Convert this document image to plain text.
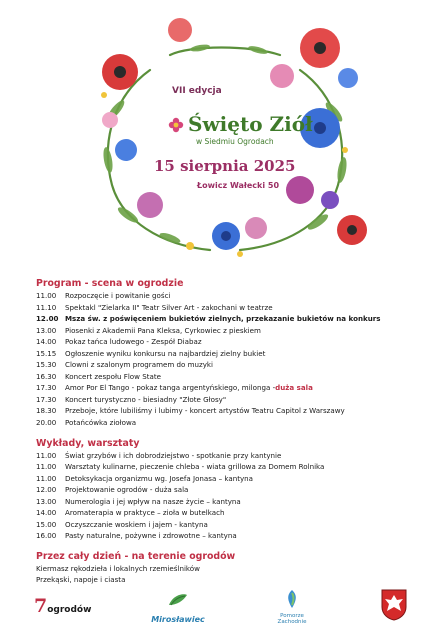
VII edycja
Święto Ziół
w Siedmiu Ogrodach
15 sierpnia 2025
Łowicz Wałecki 50
Program - scena w ogrodzie
11.00	Rozpoczęcie i powitanie gości
11.10	Spektakl "Zielarka II" Teatr Silver Art - zakochani w teatrze
12.00 Msza św. z poświęceniem bukietów zielnych, przekazanie bukietów na konkurs
13.00	Piosenki z Akademii Pana Kleksa, Cyrkowiec z pieskiem
14.00	Pokaz tańca ludowego - Zespół Diabaz
15.15	Ogłoszenie wyniku konkursu na najbardziej zielny bukiet
15.30	Clowni z szalonym programem do muzyki
16.30	Koncert zespołu Flow State
17.30	Amor Por El Tango - pokaz tanga argentyńskiego, milonga - duża sala
17.30	Koncert turystyczno - biesiadny "Złote Głosy"
18.30	Przeboje, które lubiliśmy i lubimy - koncert artystów Teatru Capitol z Warszawy
20.00	Potańcówka ziołowa
Wykłady, warsztaty
11.00	Świat grzybów i ich dobrodziejstwo - spotkanie przy kantynie
11.00	Warsztaty kulinarne, pieczenie chleba - wiata grillowa za Domem Rolnika
11.00	Detoksykacja organizmu wg. Josefa Jonasa – kantyna
12.00	Projektowanie ogrodów - duża sala
13.00	Numerologia i jej wpływ na nasze życie – kantyna
14.00	Aromaterapia w praktyce – zioła w butelkach
15.00	Oczyszczanie woskiem i jajem - kantyna
16.00	Pasty naturalne, pożywne i zdrowotne – kantyna
Przez cały dzień - na terenie ogrodów
Kiermasz rękodzieła i lokalnych rzemieślników
Przekąski, napoje i ciasta
7ogrodów
Mirosławiec	Pomorze
Zachodnie
